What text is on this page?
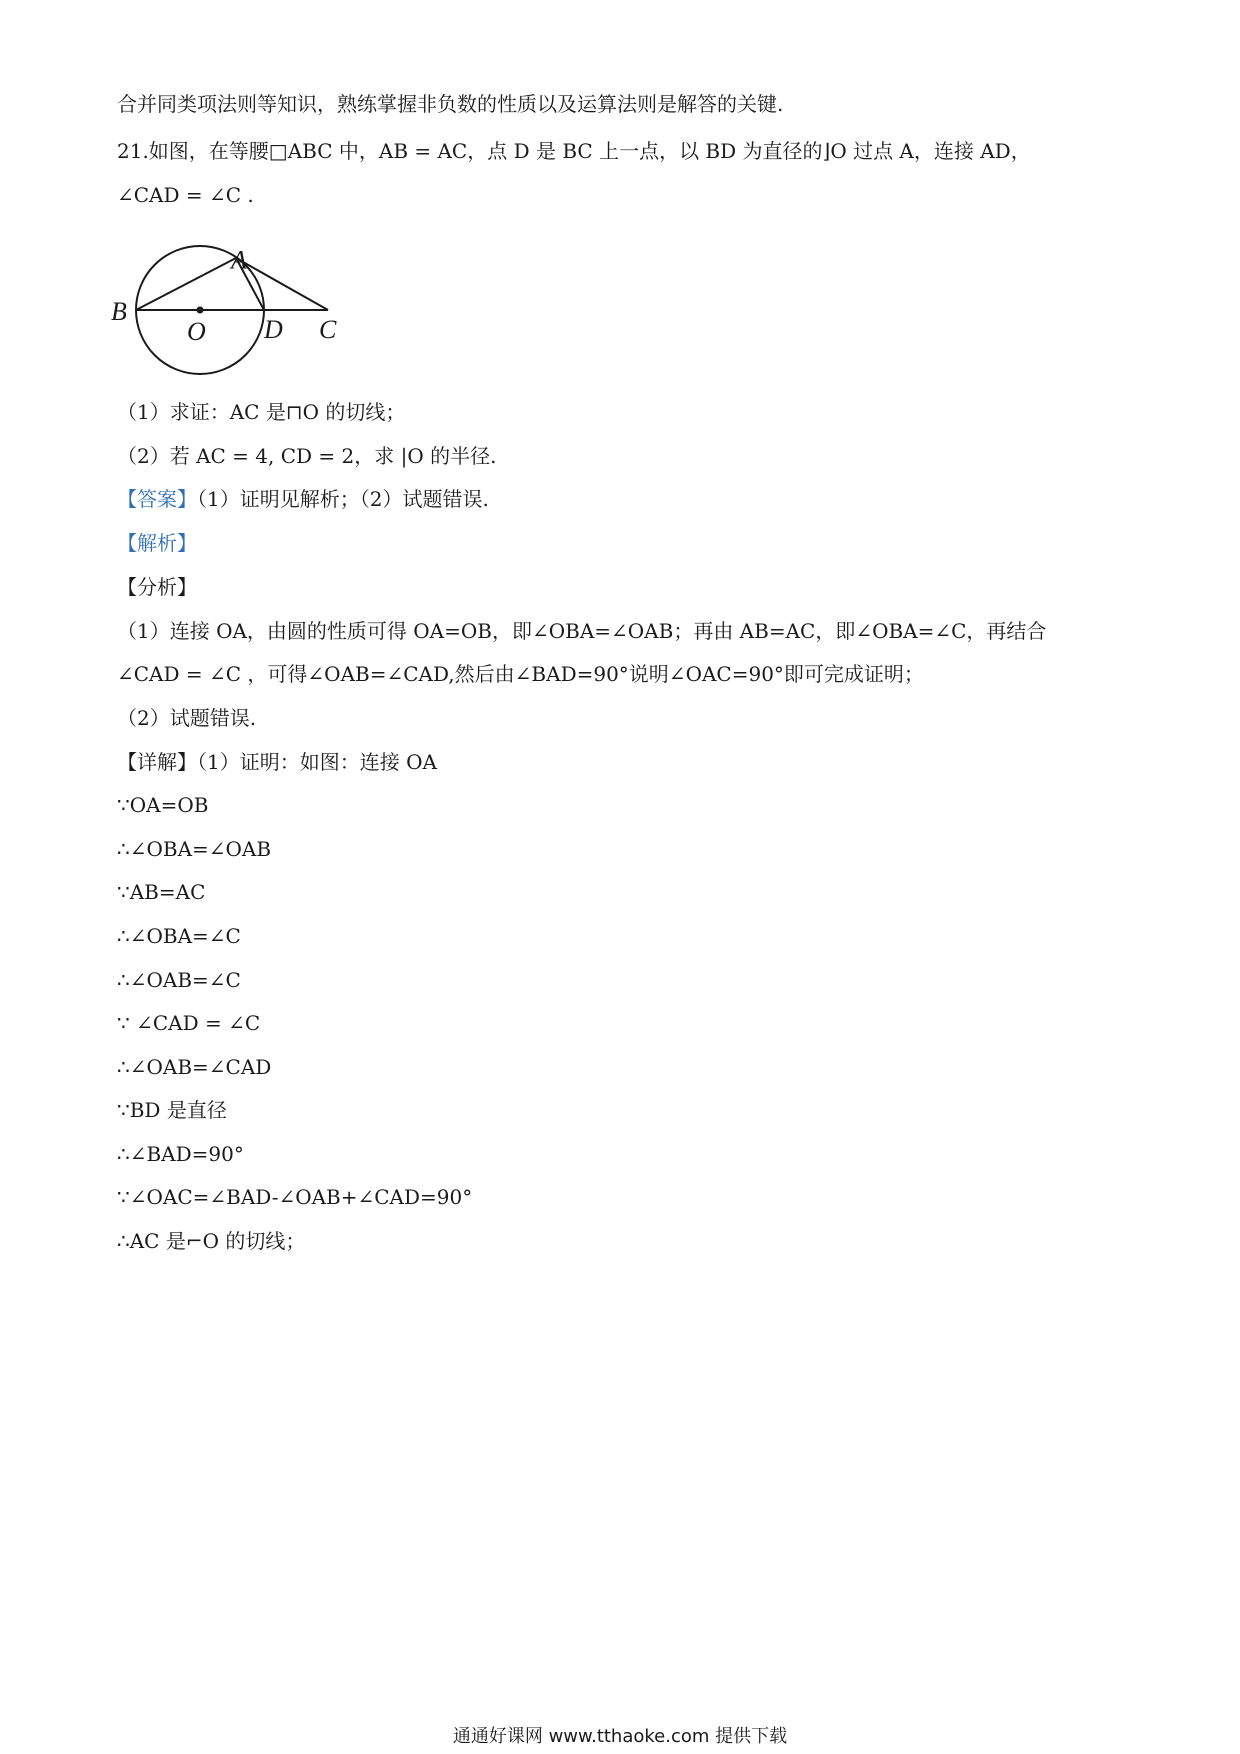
合并同类项法则等知识，熟练掌握非负数的性质以及运算法则是解答的关键.
21.如图，在等腰□ABC 中，AB = AC，点 D 是 BC 上一点，以 BD 为直径的⌋O 过点 A，连接 AD，
∠CAD = ∠C .
A
B
O D C
（1）求证：AC 是⊓O 的切线；
（2）若 AC = 4, CD = 2，求 |O 的半径.
【答案】（1）证明见解析；（2）试题错误.
【解析】
【分析】
（1）连接 OA，由圆的性质可得 OA=OB，即∠OBA=∠OAB；再由 AB=AC，即∠OBA=∠C，再结合
∠CAD = ∠C ，可得∠OAB=∠CAD,然后由∠BAD=90°说明∠OAC=90°即可完成证明；
（2）试题错误.
【详解】（1）证明：如图：连接 OA
∵OA=OB
∴∠OBA=∠OAB
∵AB=AC
∴∠OBA=∠C
∴∠OAB=∠C
∵ ∠CAD = ∠C
∴∠OAB=∠CAD
∵BD 是直径
∴∠BAD=90°
∵∠OAC=∠BAD-∠OAB+∠CAD=90°
∴AC 是⌐O 的切线；
通通好课网 www.tthaoke.com 提供下载
